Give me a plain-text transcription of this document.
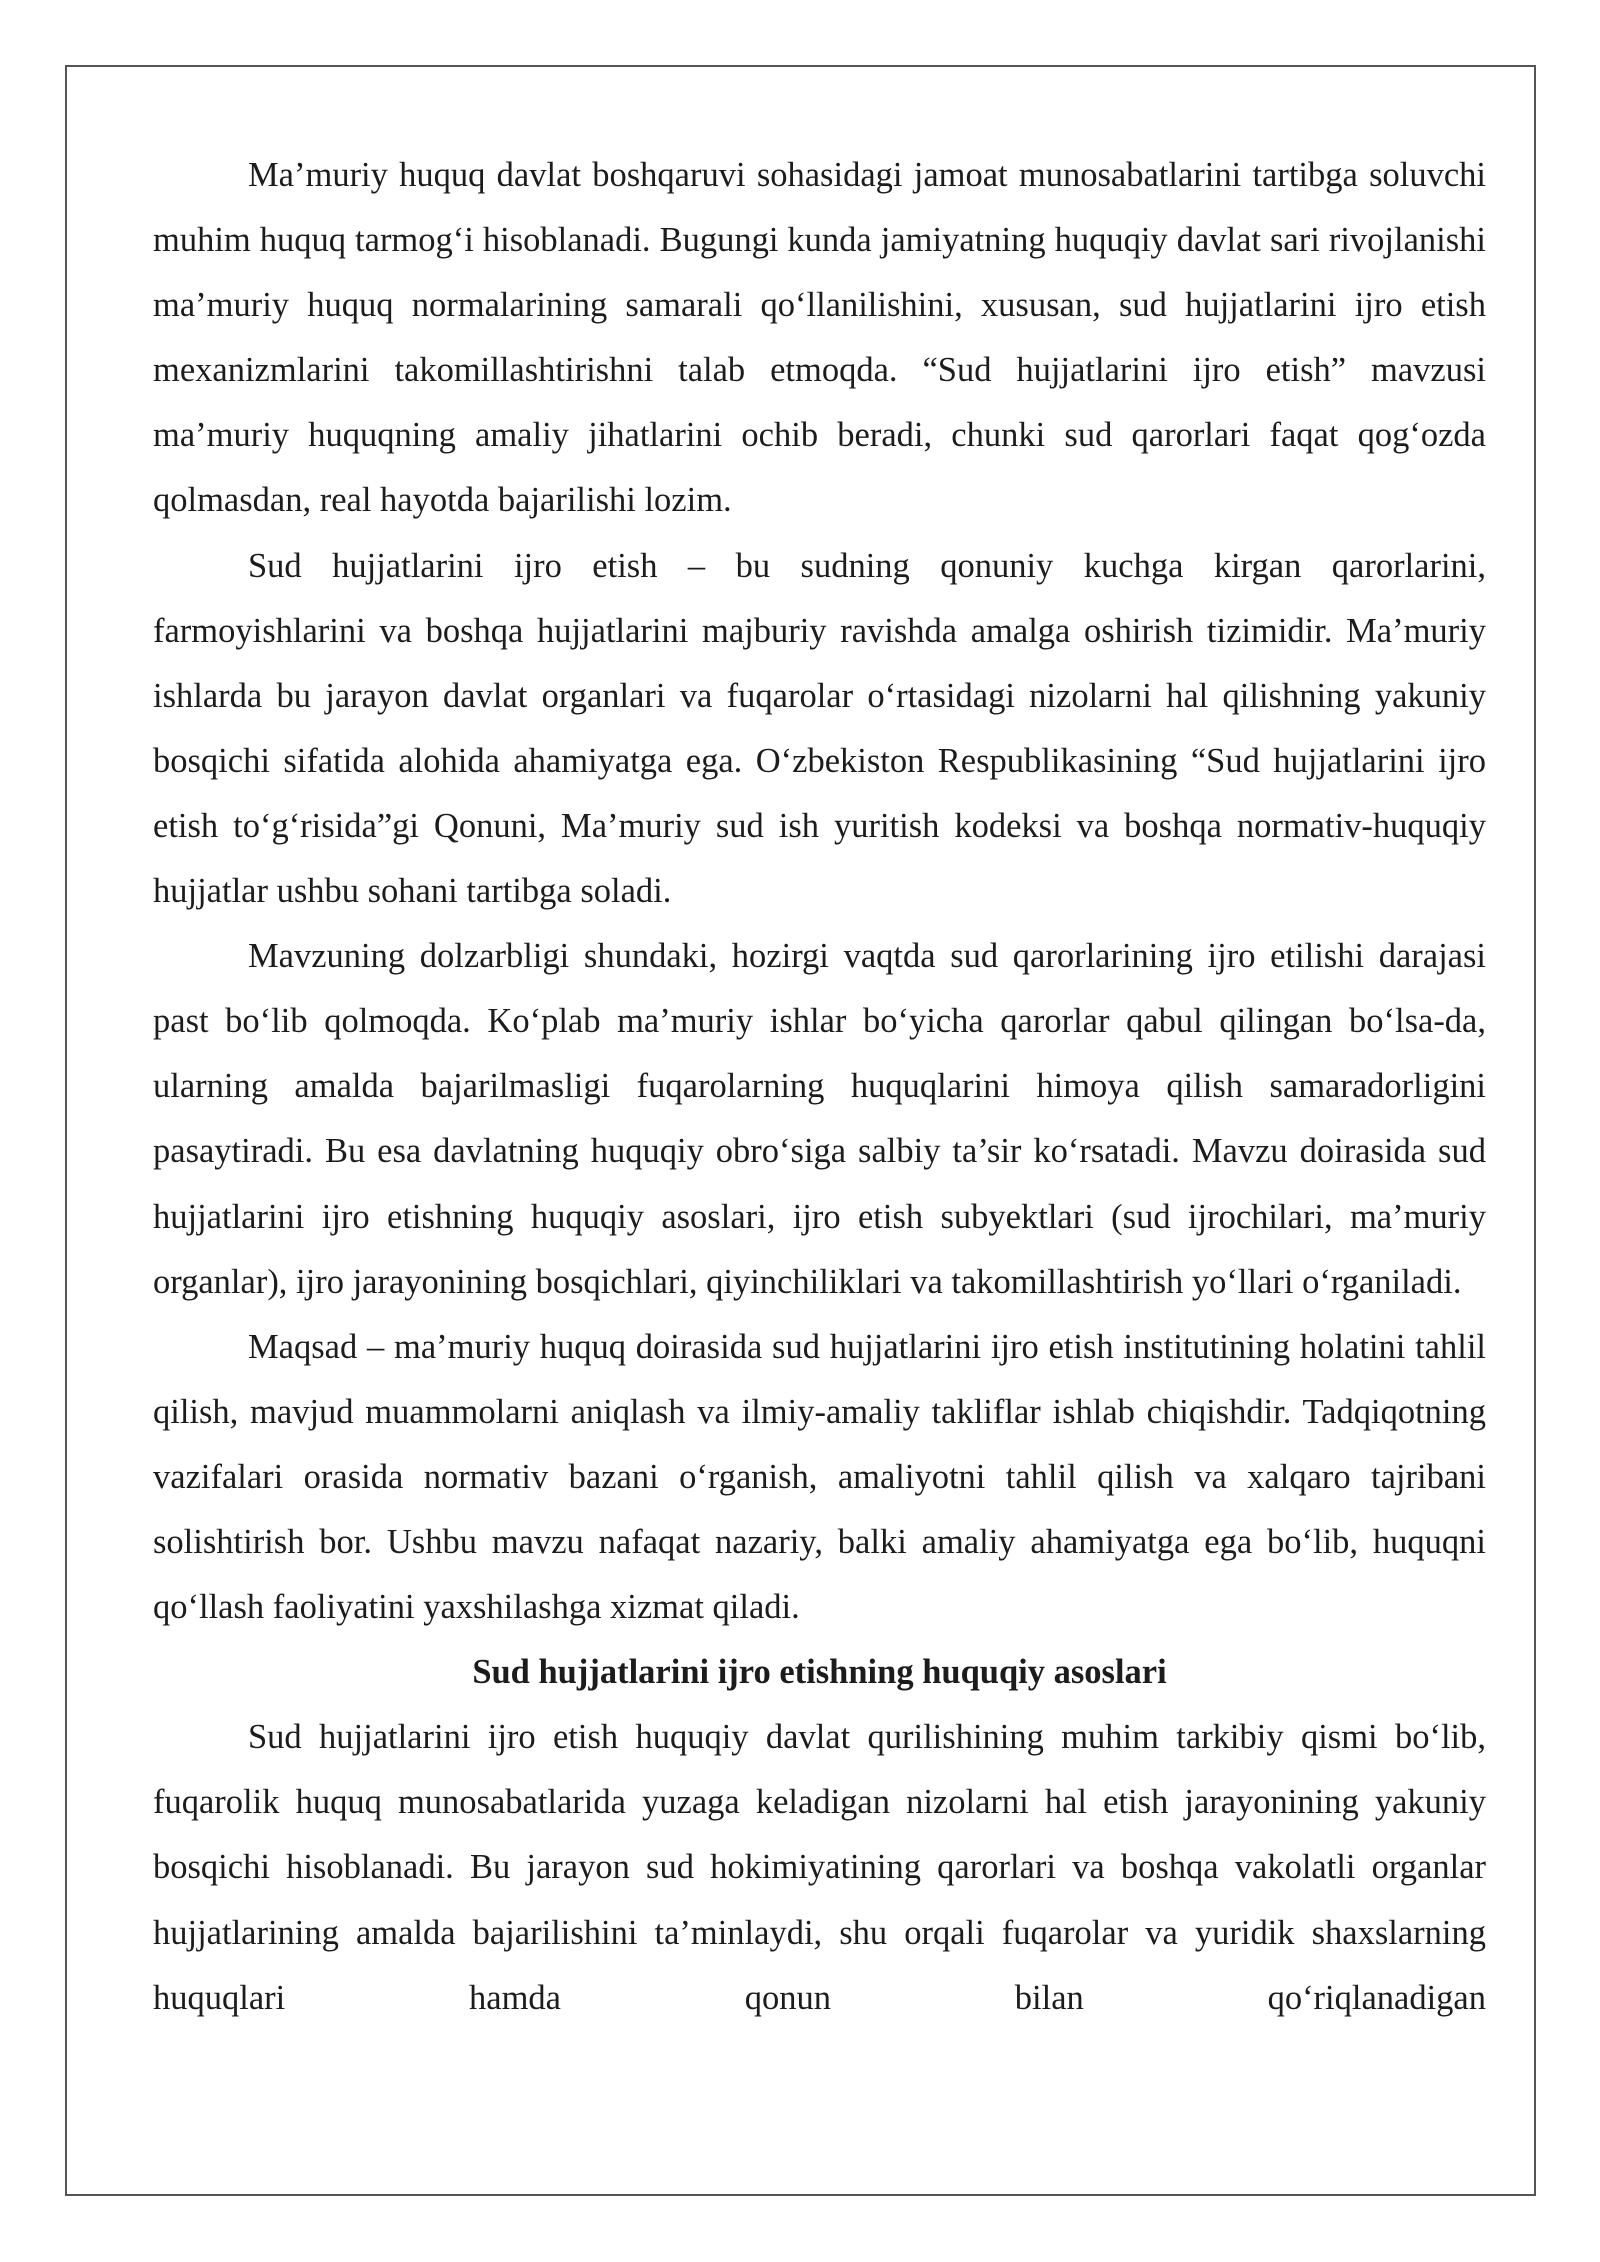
Ma’muriy huquq davlat boshqaruvi sohasidagi jamoat munosabatlarini tartibga soluvchi muhim huquq tarmog‘i hisoblanadi. Bugungi kunda jamiyatning huquqiy davlat sari rivojlanishi ma’muriy huquq normalarining samarali qo‘llanilishini, xususan, sud hujjatlarini ijro etish mexanizmlarini takomillashtirishni talab etmoqda. “Sud hujjatlarini ijro etish” mavzusi ma’muriy huquqning amaliy jihatlarini ochib beradi, chunki sud qarorlari faqat qog‘ozda qolmasdan, real hayotda bajarilishi lozim.

Sud hujjatlarini ijro etish – bu sudning qonuniy kuchga kirgan qarorlarini, farmoyishlarini va boshqa hujjatlarini majburiy ravishda amalga oshirish tizimidir. Ma’muriy ishlarda bu jarayon davlat organlari va fuqarolar o‘rtasidagi nizolarni hal qilishning yakuniy bosqichi sifatida alohida ahamiyatga ega. O‘zbekiston Respublikasining “Sud hujjatlarini ijro etish to‘g‘risida”gi Qonuni, Ma’muriy sud ish yuritish kodeksi va boshqa normativ-huquqiy hujjatlar ushbu sohani tartibga soladi.

Mavzuning dolzarbligi shundaki, hozirgi vaqtda sud qarorlarining ijro etilishi darajasi past bo‘lib qolmoqda. Ko‘plab ma’muriy ishlar bo‘yicha qarorlar qabul qilingan bo‘lsa-da, ularning amalda bajarilmasligi fuqarolarning huquqlarini himoya qilish samaradorligini pasaytiradi. Bu esa davlatning huquqiy obro‘siga salbiy ta’sir ko‘rsatadi. Mavzu doirasida sud hujjatlarini ijro etishning huquqiy asoslari, ijro etish subyektlari (sud ijrochilari, ma’muriy organlar), ijro jarayonining bosqichlari, qiyinchiliklari va takomillashtirish yo‘llari o‘rganiladi.

Maqsad – ma’muriy huquq doirasida sud hujjatlarini ijro etish institutining holatini tahlil qilish, mavjud muammolarni aniqlash va ilmiy-amaliy takliflar ishlab chiqishdir. Tadqiqotning vazifalari orasida normativ bazani o‘rganish, amaliyotni tahlil qilish va xalqaro tajribani solishtirish bor. Ushbu mavzu nafaqat nazariy, balki amaliy ahamiyatga ega bo‘lib, huquqni qo‘llash faoliyatini yaxshilashga xizmat qiladi.

Sud hujjatlarini ijro etishning huquqiy asoslari

Sud hujjatlarini ijro etish huquqiy davlat qurilishining muhim tarkibiy qismi bo‘lib, fuqarolik huquq munosabatlarida yuzaga keladigan nizolarni hal etish jarayonining yakuniy bosqichi hisoblanadi. Bu jarayon sud hokimiyatining qarorlari va boshqa vakolatli organlar hujjatlarining amalda bajarilishini ta’minlaydi, shu orqali fuqarolar va yuridik shaxslarning huquqlari hamda qonun bilan qo‘riqlanadigan
